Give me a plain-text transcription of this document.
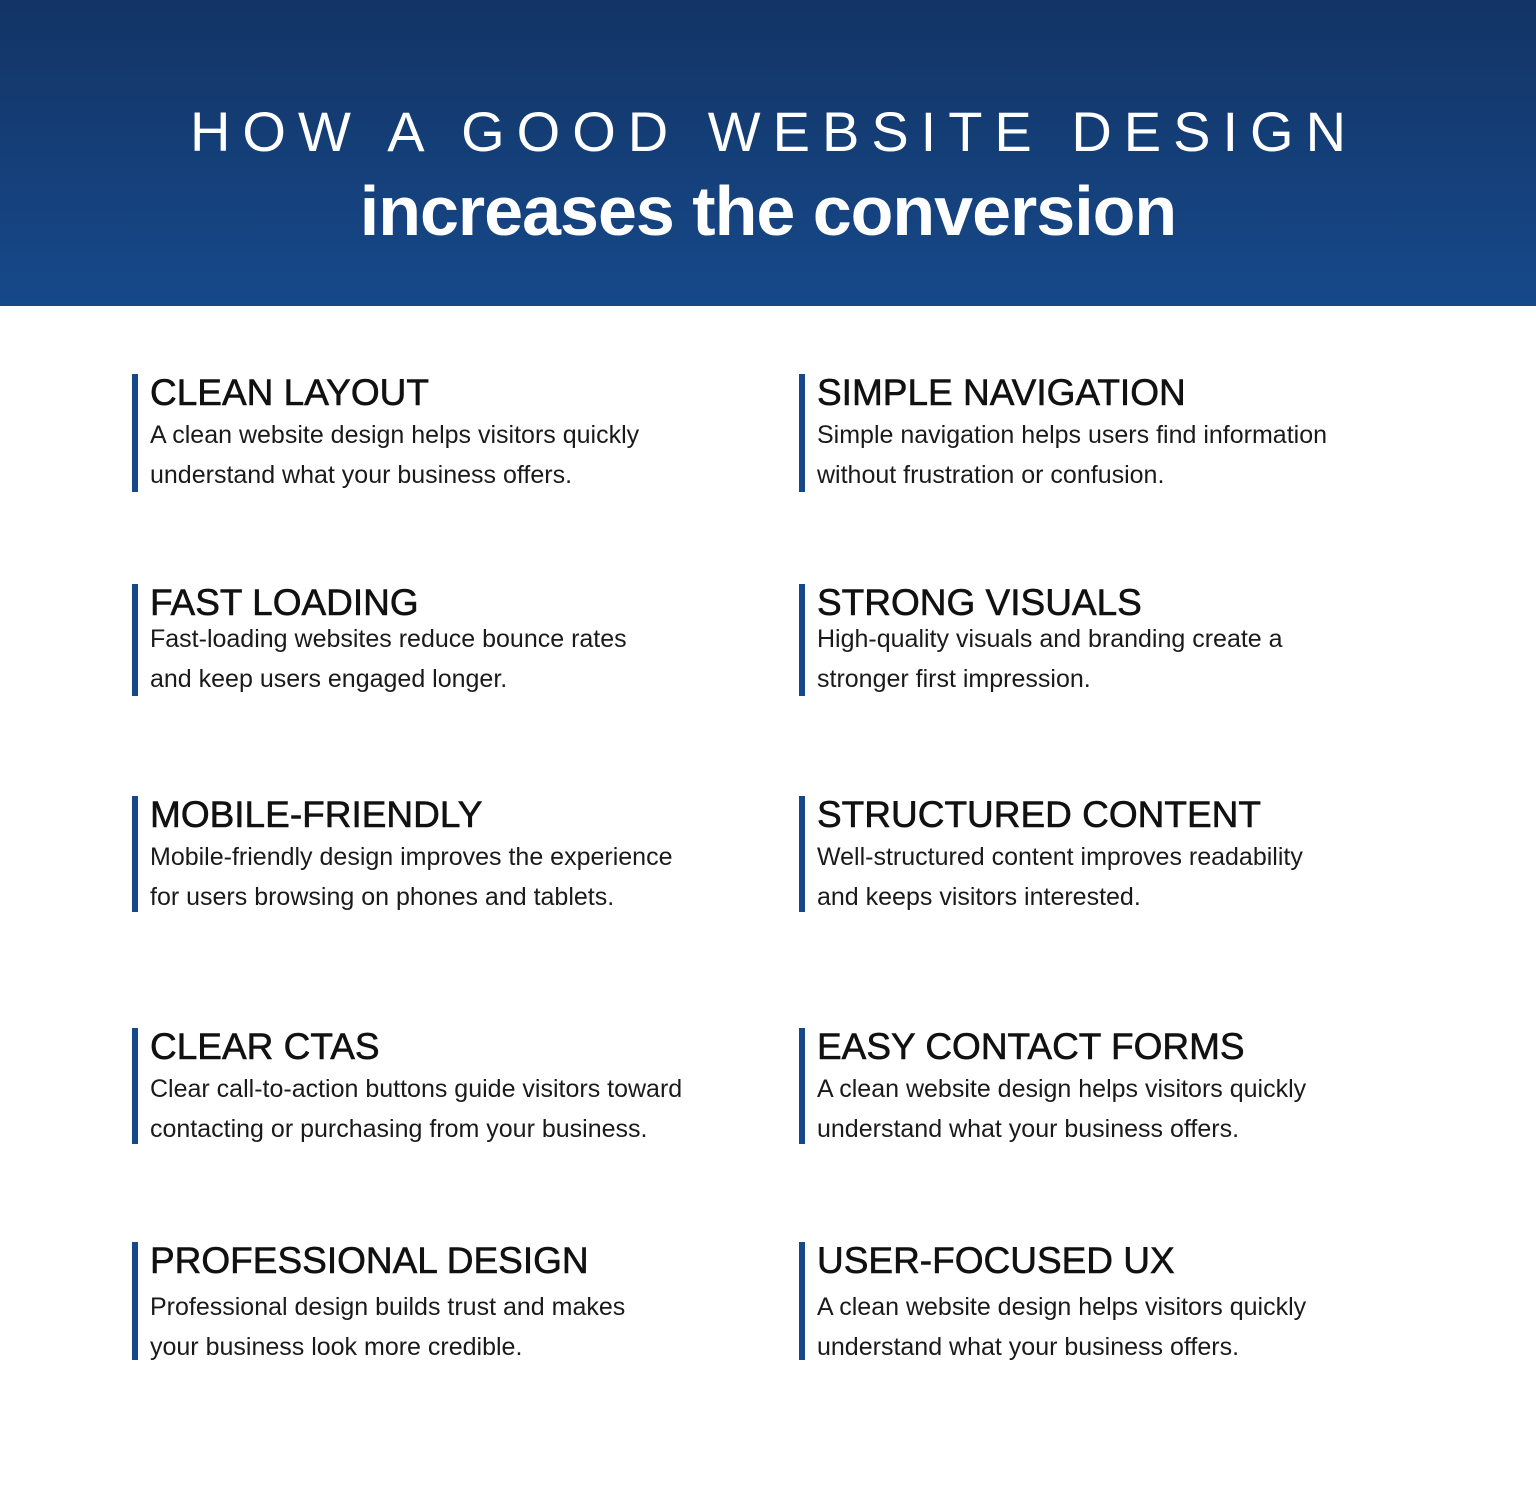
HOW A GOOD WEBSITE DESIGN
increases the conversion
CLEAN LAYOUT
A clean website design helps visitors quickly
understand what your business offers.
SIMPLE NAVIGATION
Simple navigation helps users find information
without frustration or confusion.
FAST LOADING
Fast-loading websites reduce bounce rates
and keep users engaged longer.
STRONG VISUALS
High-quality visuals and branding create a
stronger first impression.
MOBILE-FRIENDLY
Mobile-friendly design improves the experience
for users browsing on phones and tablets.
STRUCTURED CONTENT
Well-structured content improves readability
and keeps visitors interested.
CLEAR CTAS
Clear call-to-action buttons guide visitors toward
contacting or purchasing from your business.
EASY CONTACT FORMS
A clean website design helps visitors quickly
understand what your business offers.
PROFESSIONAL DESIGN
Professional design builds trust and makes
your business look more credible.
USER-FOCUSED UX
A clean website design helps visitors quickly
understand what your business offers.
